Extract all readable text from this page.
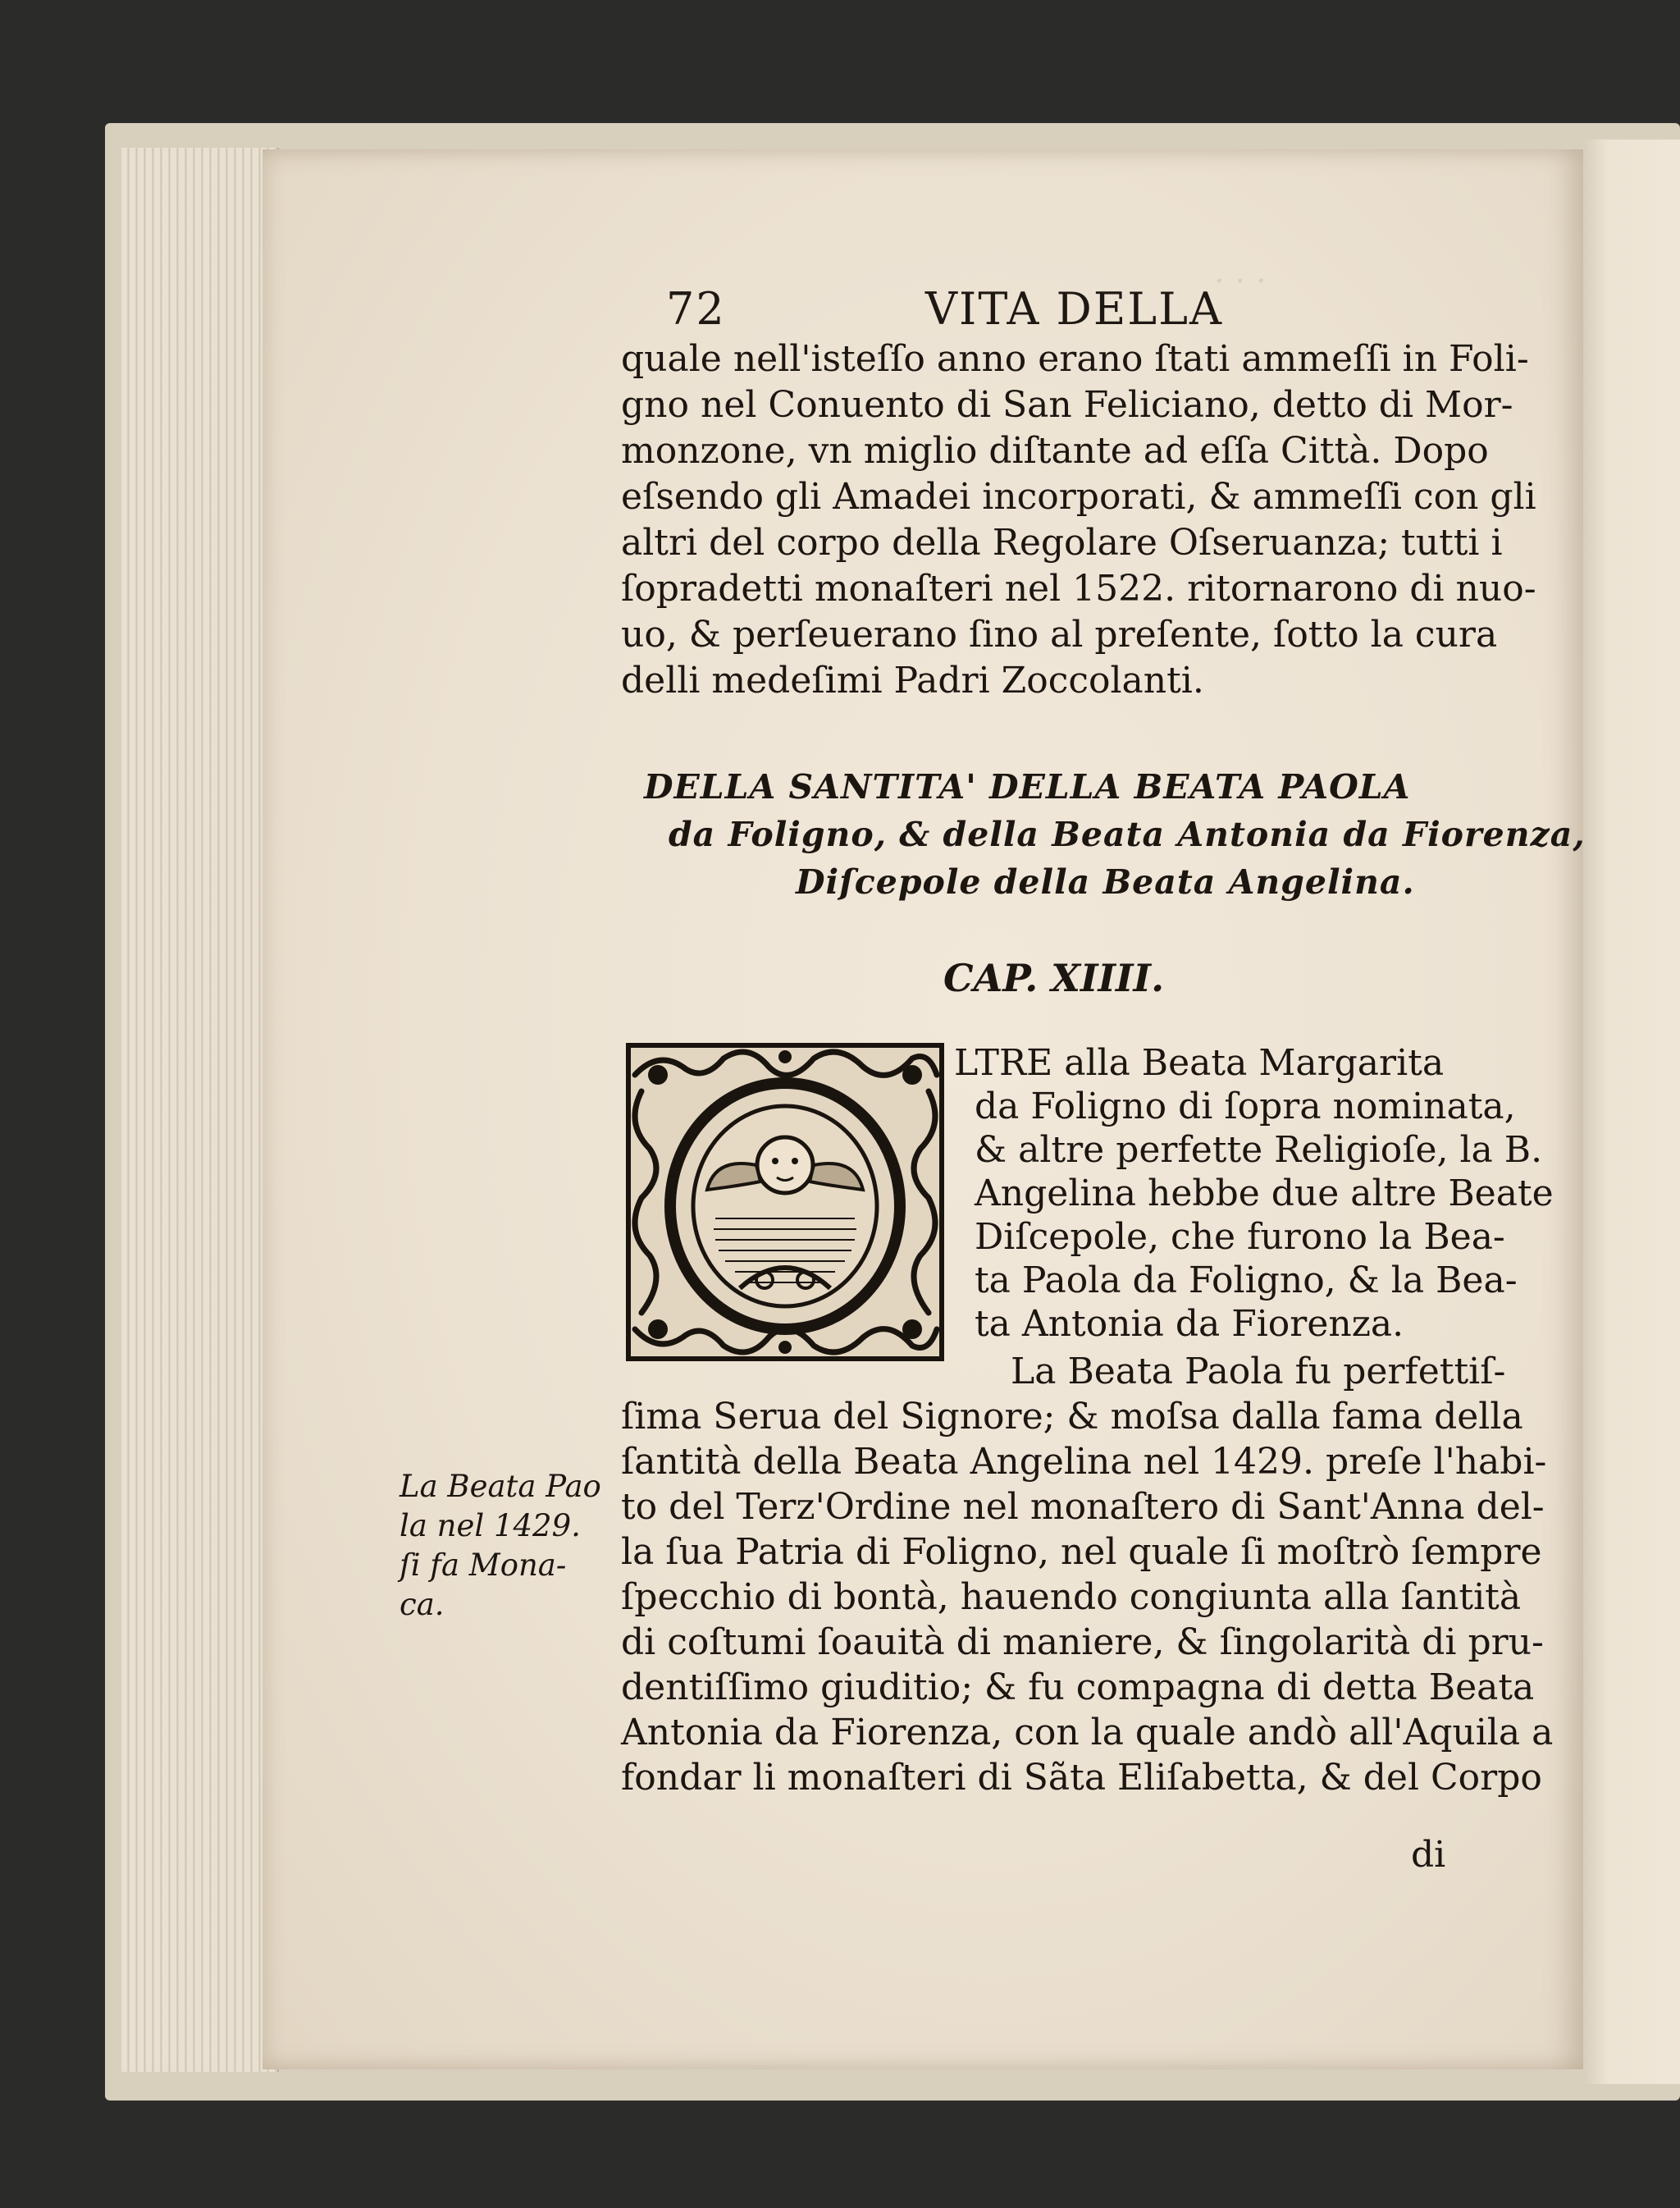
· · ·
72	VITA DELLA
quale nell'isteſſo anno erano ſtati ammeſſi in Foli-
gno nel Conuento di San Feliciano, detto di Mor-
monzone, vn miglio diſtante ad eſſa Città. Dopo
eſsendo gli Amadei incorporati, & ammeſſi con gli
altri del corpo della Regolare Oſseruanza; tutti i
ſopradetti monaſteri nel 1522. ritornarono di nuo-
uo, & perſeuerano ſino al preſente, ſotto la cura
delli medeſimi Padri Zoccolanti.
DELLA SANTITA' DELLA BEATA PAOLA
da Foligno, & della Beata Antonia da Fiorenza,
Diſcepole della Beata Angelina.
CAP. XIIII.
LTRE alla Beata Margarita
da Foligno di ſopra nominata,
& altre perfette Religioſe, la B.
Angelina hebbe due altre Beate
Diſcepole, che furono la Bea-
ta Paola da Foligno, & la Bea-
ta Antonia da Fiorenza.
La Beata Paola fu perfettiſ-
ſima Serua del Signore; & moſsa dalla fama della
ſantità della Beata Angelina nel 1429. preſe l'habi-
to del Terz'Ordine nel monaſtero di Sant'Anna del-
la ſua Patria di Foligno, nel quale ſi moſtrò ſempre
ſpecchio di bontà, hauendo congiunta alla ſantità
di coſtumi ſoauità di maniere, & ſingolarità di pru-
dentiſſimo giuditio; & fu compagna di detta Beata
Antonia da Fiorenza, con la quale andò all'Aquila a
fondar li monaſteri di Sãta Eliſabetta, & del Corpo
La Beata Pao
la nel 1429.
ſi fa Mona-
ca.
di
